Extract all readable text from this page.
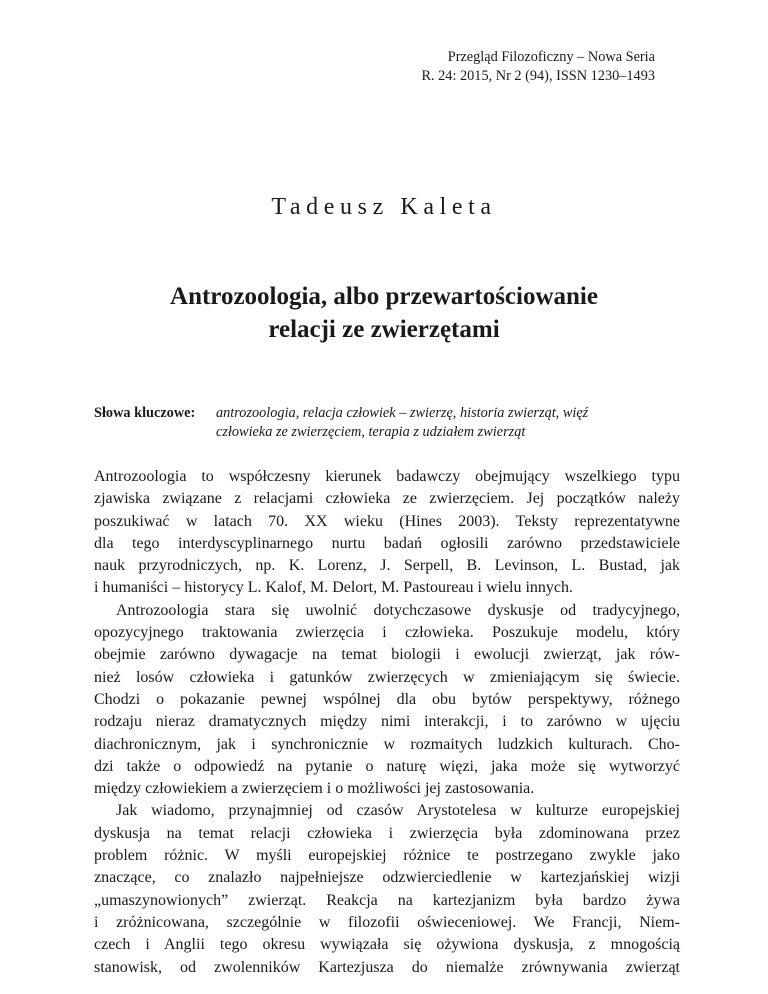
Przegląd Filozoficzny – Nowa Seria
R. 24: 2015, Nr 2 (94), ISSN 1230–1493
Tadeusz Kaleta
Antrozoologia, albo przewartościowanie
relacji ze zwierzętami
Słowa kluczowe: antrozoologia, relacja człowiek – zwierzę, historia zwierząt, więź
człowieka ze zwierzęciem, terapia z udziałem zwierząt
Antrozoologia to współczesny kierunek badawczy obejmujący wszelkiego typu
zjawiska związane z relacjami człowieka ze zwierzęciem. Jej początków należy
poszukiwać w latach 70. XX wieku (Hines 2003). Teksty reprezentatywne
dla tego interdyscyplinarnego nurtu badań ogłosili zarówno przedstawiciele
nauk przyrodniczych, np. K. Lorenz, J. Serpell, B. Levinson, L. Bustad, jak
i humaniści – historycy L. Kalof, M. Delort, M. Pastoureau i wielu innych.
Antrozoologia stara się uwolnić dotychczasowe dyskusje od tradycyjnego,
opozycyjnego traktowania zwierzęcia i człowieka. Poszukuje modelu, który
obejmie zarówno dywagacje na temat biologii i ewolucji zwierząt, jak rów-
nież losów człowieka i gatunków zwierzęcych w zmieniającym się świecie.
Chodzi o pokazanie pewnej wspólnej dla obu bytów perspektywy, różnego
rodzaju nieraz dramatycznych między nimi interakcji, i to zarówno w ujęciu
diachronicznym, jak i synchronicznie w rozmaitych ludzkich kulturach. Cho-
dzi także o odpowiedź na pytanie o naturę więzi, jaka może się wytworzyć
między człowiekiem a zwierzęciem i o możliwości jej zastosowania.
Jak wiadomo, przynajmniej od czasów Arystotelesa w kulturze europejskiej
dyskusja na temat relacji człowieka i zwierzęcia była zdominowana przez
problem różnic. W myśli europejskiej różnice te postrzegano zwykle jako
znaczące, co znalazło najpełniejsze odzwierciedlenie w kartezjańskiej wizji
„umaszynowionych” zwierząt. Reakcja na kartezjanizm była bardzo żywa
i zróżnicowana, szczególnie w filozofii oświeceniowej. We Francji, Niem-
czech i Anglii tego okresu wywiązała się ożywiona dyskusja, z mnogością
stanowisk, od zwolenników Kartezjusza do niemalże zrównywania zwierząt
